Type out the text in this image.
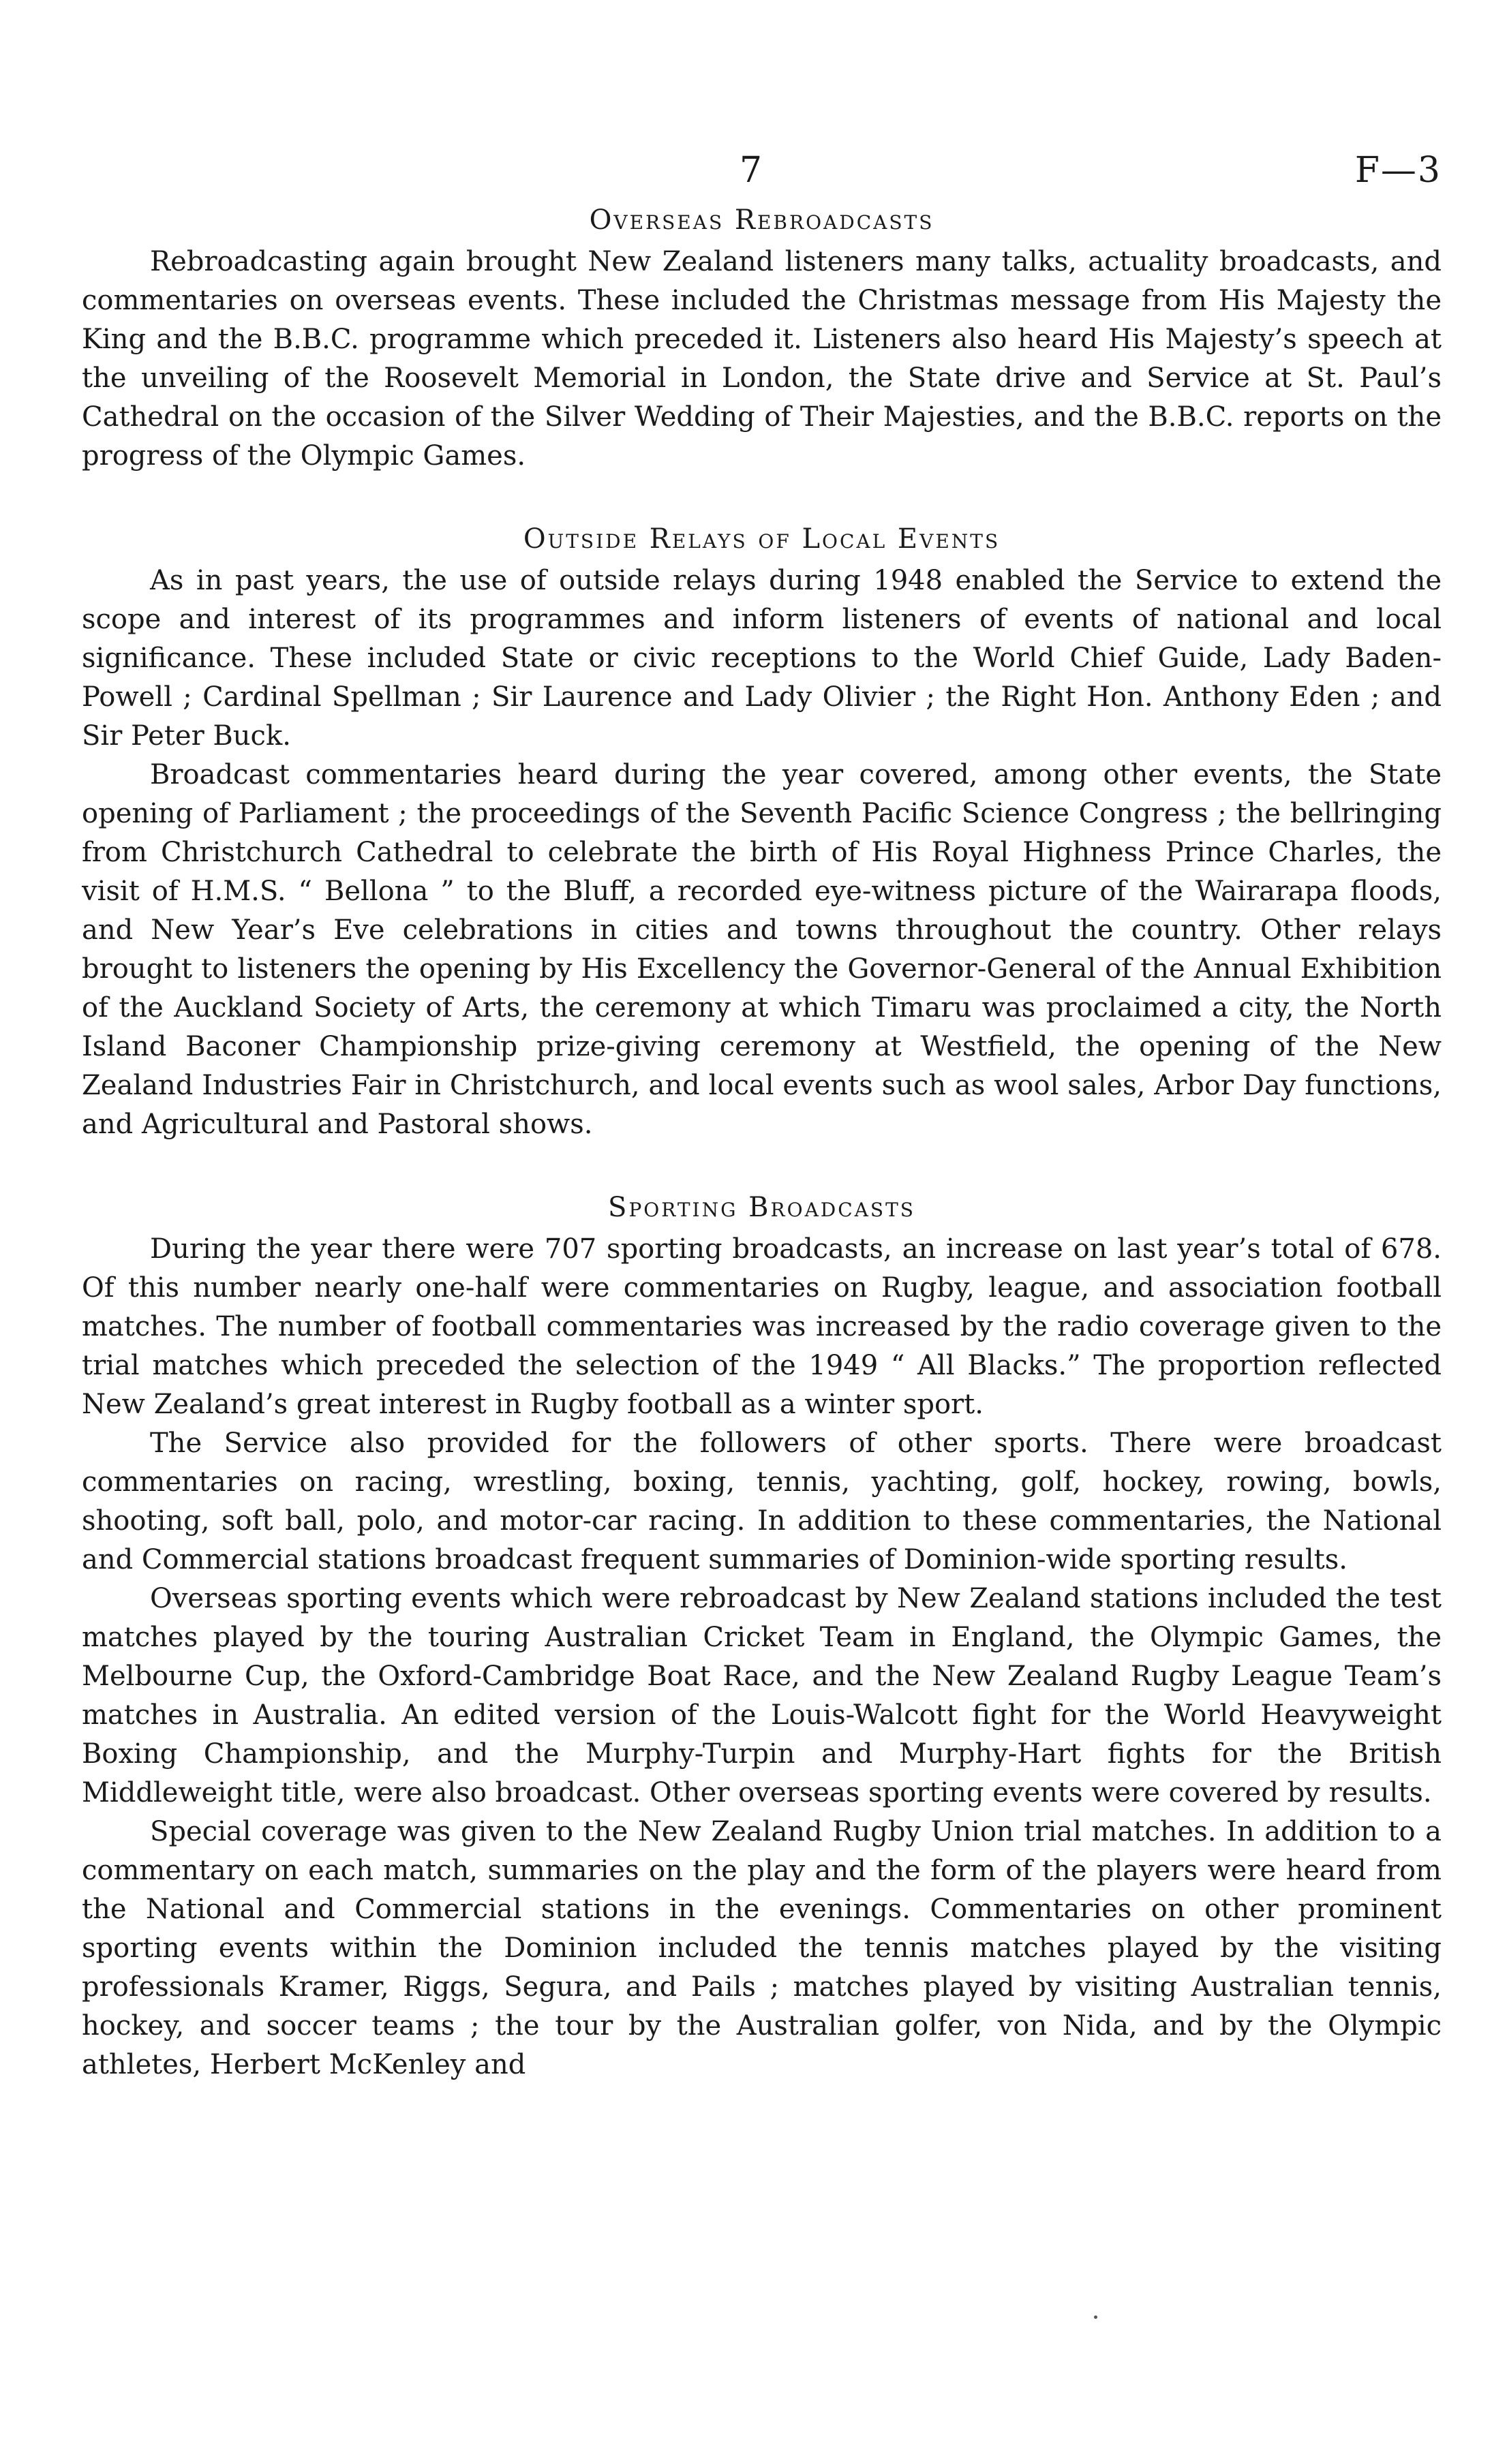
7	F—3
Overseas Rebroadcasts

Rebroadcasting again brought New Zealand listeners many talks, actuality broadcasts, and commentaries on overseas events. These included the Christmas message from His Majesty the King and the B.B.C. programme which preceded it. Listeners also heard His Majesty’s speech at the unveiling of the Roosevelt Memorial in London, the State drive and Service at St. Paul’s Cathedral on the occasion of the Silver Wedding of Their Majesties, and the B.B.C. reports on the progress of the Olympic Games.

Outside Relays of Local Events

As in past years, the use of outside relays during 1948 enabled the Service to extend the scope and interest of its programmes and inform listeners of events of national and local significance. These included State or civic receptions to the World Chief Guide, Lady Baden-Powell ; Cardinal Spellman ; Sir Laurence and Lady Olivier ; the Right Hon. Anthony Eden ; and Sir Peter Buck.

Broadcast commentaries heard during the year covered, among other events, the State opening of Parliament ; the proceedings of the Seventh Pacific Science Congress ; the bellringing from Christchurch Cathedral to celebrate the birth of His Royal Highness Prince Charles, the visit of H.M.S. “ Bellona ” to the Bluff, a recorded eye-witness picture of the Wairarapa floods, and New Year’s Eve celebrations in cities and towns throughout the country. Other relays brought to listeners the opening by His Excellency the Governor-General of the Annual Exhibition of the Auckland Society of Arts, the ceremony at which Timaru was proclaimed a city, the North Island Baconer Championship prize-giving ceremony at Westfield, the opening of the New Zealand Industries Fair in Christchurch, and local events such as wool sales, Arbor Day functions, and Agricultural and Pastoral shows.

Sporting Broadcasts

During the year there were 707 sporting broadcasts, an increase on last year’s total of 678. Of this number nearly one-half were commentaries on Rugby, league, and association football matches. The number of football commentaries was increased by the radio coverage given to the trial matches which preceded the selection of the 1949 “ All Blacks.” The proportion reflected New Zealand’s great interest in Rugby football as a winter sport.

The Service also provided for the followers of other sports. There were broadcast commentaries on racing, wrestling, boxing, tennis, yachting, golf, hockey, rowing, bowls, shooting, soft ball, polo, and motor-car racing. In addition to these commentaries, the National and Commercial stations broadcast frequent summaries of Dominion-wide sporting results.

Overseas sporting events which were rebroadcast by New Zealand stations included the test matches played by the touring Australian Cricket Team in England, the Olympic Games, the Melbourne Cup, the Oxford-Cambridge Boat Race, and the New Zealand Rugby League Team’s matches in Australia. An edited version of the Louis-Walcott fight for the World Heavyweight Boxing Championship, and the Murphy-Turpin and Murphy-Hart fights for the British Middleweight title, were also broadcast. Other overseas sporting events were covered by results.

Special coverage was given to the New Zealand Rugby Union trial matches. In addition to a commentary on each match, summaries on the play and the form of the players were heard from the National and Commercial stations in the evenings. Commentaries on other prominent sporting events within the Dominion included the tennis matches played by the visiting professionals Kramer, Riggs, Segura, and Pails ; matches played by visiting Australian tennis, hockey, and soccer teams ; the tour by the Australian golfer, von Nida, and by the Olympic athletes, Herbert McKenley and
